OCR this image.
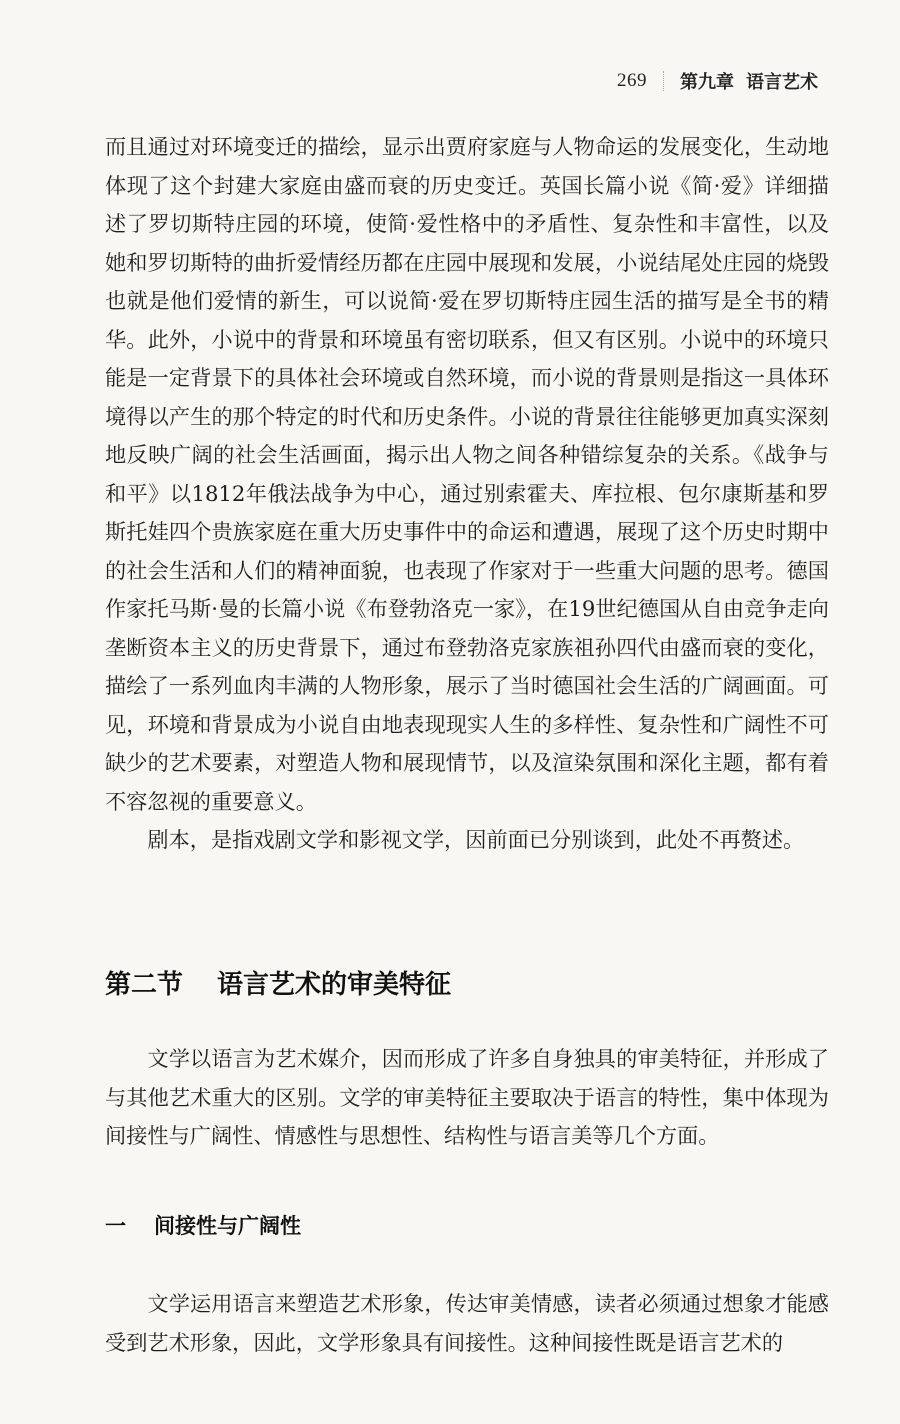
269 第九章 语言艺术

而且通过对环境变迁的描绘，显示出贾府家庭与人物命运的发展变化，生动地体现了这个封建大家庭由盛而衰的历史变迁。英国长篇小说《简·爱》详细描述了罗切斯特庄园的环境，使简·爱性格中的矛盾性、复杂性和丰富性，以及她和罗切斯特的曲折爱情经历都在庄园中展现和发展，小说结尾处庄园的烧毁也就是他们爱情的新生，可以说简·爱在罗切斯特庄园生活的描写是全书的精华。此外，小说中的背景和环境虽有密切联系，但又有区别。小说中的环境只能是一定背景下的具体社会环境或自然环境，而小说的背景则是指这一具体环境得以产生的那个特定的时代和历史条件。小说的背景往往能够更加真实深刻地反映广阔的社会生活画面，揭示出人物之间各种错综复杂的关系。《战争与和平》以1812年俄法战争为中心，通过别索霍夫、库拉根、包尔康斯基和罗斯托娃四个贵族家庭在重大历史事件中的命运和遭遇，展现了这个历史时期中的社会生活和人们的精神面貌，也表现了作家对于一些重大问题的思考。德国作家托马斯·曼的长篇小说《布登勃洛克一家》，在19世纪德国从自由竞争走向垄断资本主义的历史背景下，通过布登勃洛克家族祖孙四代由盛而衰的变化，描绘了一系列血肉丰满的人物形象，展示了当时德国社会生活的广阔画面。可见，环境和背景成为小说自由地表现现实人生的多样性、复杂性和广阔性不可缺少的艺术要素，对塑造人物和展现情节，以及渲染氛围和深化主题，都有着不容忽视的重要意义。

剧本，是指戏剧文学和影视文学，因前面已分别谈到，此处不再赘述。

第二节 语言艺术的审美特征

文学以语言为艺术媒介，因而形成了许多自身独具的审美特征，并形成了与其他艺术重大的区别。文学的审美特征主要取决于语言的特性，集中体现为间接性与广阔性、情感性与思想性、结构性与语言美等几个方面。

一 间接性与广阔性

文学运用语言来塑造艺术形象，传达审美情感，读者必须通过想象才能感受到艺术形象，因此，文学形象具有间接性。这种间接性既是语言艺术的
